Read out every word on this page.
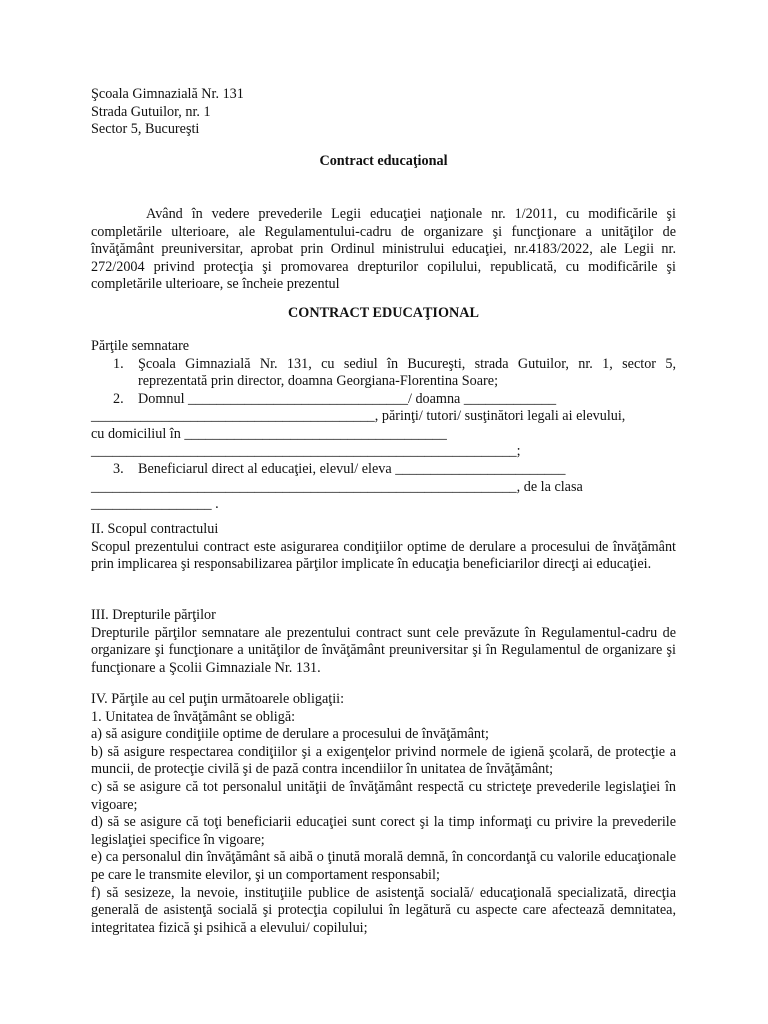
Şcoala Gimnazială Nr. 131
Strada Gutuilor, nr. 1
Sector 5, Bucureşti
Contract educaţional
Având în vedere prevederile Legii educaţiei naţionale nr. 1/2011, cu modificările şi completările ulterioare, ale Regulamentului-cadru de organizare şi funcţionare a unităţilor de învăţământ preuniversitar, aprobat prin Ordinul ministrului educaţiei, nr.4183/2022, ale Legii nr. 272/2004 privind protecţia şi promovarea drepturilor copilului, republicată, cu modificările şi completările ulterioare, se încheie prezentul
CONTRACT EDUCAŢIONAL
Părţile semnatare
1. Şcoala Gimnazială Nr. 131, cu sediul în Bucureşti, strada Gutuilor, nr. 1, sector 5,
reprezentată prin director, doamna Georgiana-Florentina Soare;
2. Domnul _______________________________/ doamna _____________
________________________________________, părinţi/ tutori/ susţinători legali ai elevului,
cu domiciliul în _____________________________________
____________________________________________________________;
3. Beneficiarul direct al educaţiei, elevul/ eleva ________________________
____________________________________________________________, de la clasa
_________________ .
II. Scopul contractului
Scopul prezentului contract este asigurarea condiţiilor optime de derulare a procesului de învăţământ prin implicarea şi responsabilizarea părţilor implicate în educaţia beneficiarilor direcţi ai educaţiei.
III. Drepturile părţilor
Drepturile părţilor semnatare ale prezentului contract sunt cele prevăzute în Regulamentul-cadru de organizare şi funcţionare a unităţilor de învăţământ preuniversitar şi în Regulamentul de organizare şi funcţionare a Şcolii Gimnaziale Nr. 131.
IV. Părţile au cel puţin următoarele obligaţii:
1. Unitatea de învăţământ se obligă:
a) să asigure condiţiile optime de derulare a procesului de învăţământ;
b) să asigure respectarea condiţiilor şi a exigenţelor privind normele de igienă şcolară, de protecţie a muncii, de protecţie civilă şi de pază contra incendiilor în unitatea de învăţământ;
c) să se asigure că tot personalul unităţii de învăţământ respectă cu stricteţe prevederile legislaţiei în vigoare;
d) să se asigure că toţi beneficiarii educaţiei sunt corect şi la timp informaţi cu privire la prevederile legislaţiei specifice în vigoare;
e) ca personalul din învăţământ să aibă o ţinută morală demnă, în concordanţă cu valorile educaţionale pe care le transmite elevilor, şi un comportament responsabil;
f) să sesizeze, la nevoie, instituţiile publice de asistenţă socială/ educaţională specializată, direcţia generală de asistenţă socială şi protecţia copilului în legătură cu aspecte care afectează demnitatea, integritatea fizică şi psihică a elevului/ copilului;
